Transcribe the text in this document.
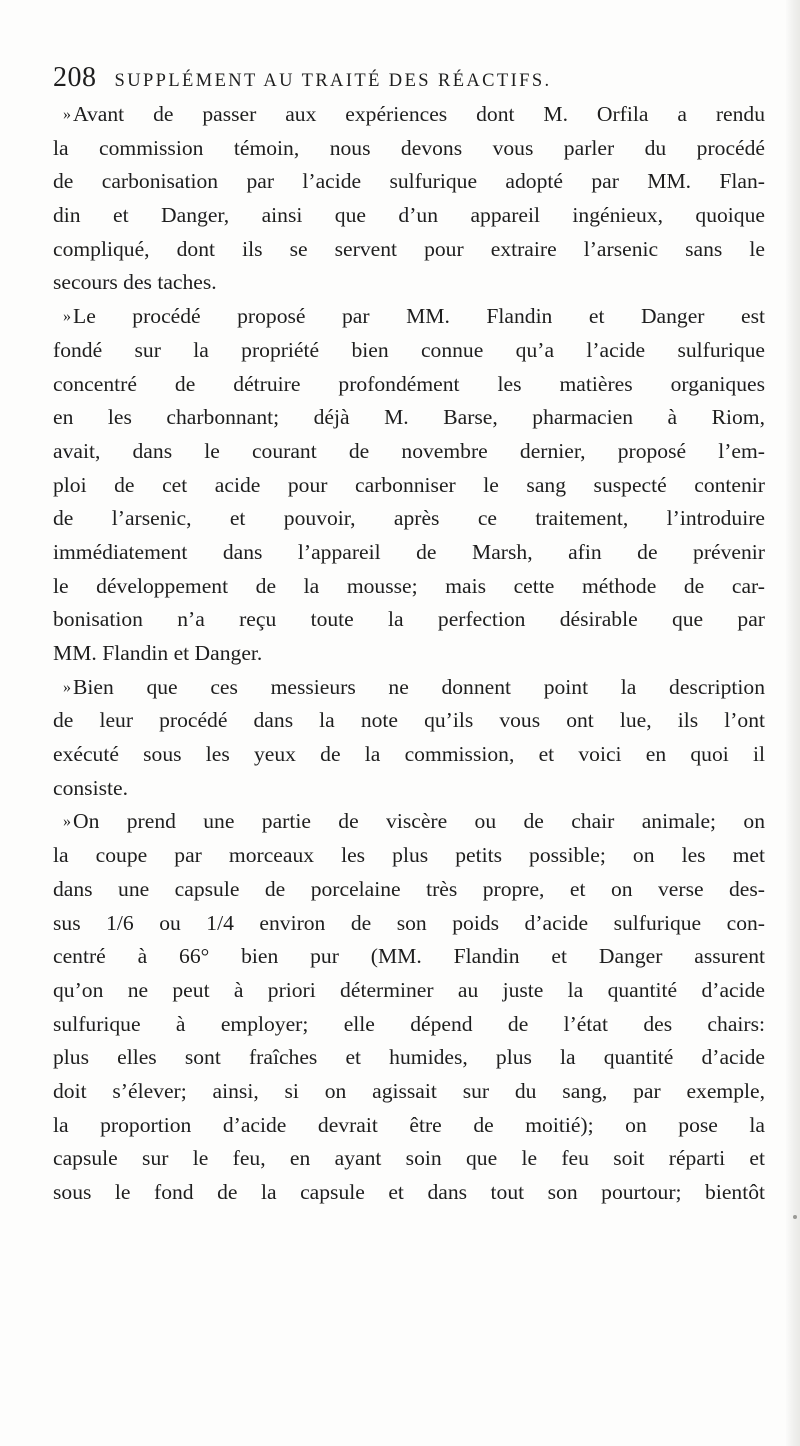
208 SUPPLÉMENT AU TRAITÉ DES RÉACTIFS.
»Avant de passer aux expériences dont M. Orfila a rendu
la commission témoin, nous devons vous parler du procédé
de carbonisation par l’acide sulfurique adopté par MM. Flan-
din et Danger, ainsi que d’un appareil ingénieux, quoique
compliqué, dont ils se servent pour extraire l’arsenic sans le
secours des taches.
»Le procédé proposé par MM. Flandin et Danger est
fondé sur la propriété bien connue qu’a l’acide sulfurique
concentré de détruire profondément les matières organiques
en les charbonnant; déjà M. Barse, pharmacien à Riom,
avait, dans le courant de novembre dernier, proposé l’em-
ploi de cet acide pour carbonniser le sang suspecté contenir
de l’arsenic, et pouvoir, après ce traitement, l’introduire
immédiatement dans l’appareil de Marsh, afin de prévenir
le développement de la mousse; mais cette méthode de car-
bonisation n’a reçu toute la perfection désirable que par
MM. Flandin et Danger.
»Bien que ces messieurs ne donnent point la description
de leur procédé dans la note qu’ils vous ont lue, ils l’ont
exécuté sous les yeux de la commission, et voici en quoi il
consiste.
»On prend une partie de viscère ou de chair animale; on
la coupe par morceaux les plus petits possible; on les met
dans une capsule de porcelaine très propre, et on verse des-
sus 1/6 ou 1/4 environ de son poids d’acide sulfurique con-
centré à 66° bien pur (MM. Flandin et Danger assurent
qu’on ne peut à priori déterminer au juste la quantité d’acide
sulfurique à employer; elle dépend de l’état des chairs:
plus elles sont fraîches et humides, plus la quantité d’acide
doit s’élever; ainsi, si on agissait sur du sang, par exemple,
la proportion d’acide devrait être de moitié); on pose la
capsule sur le feu, en ayant soin que le feu soit réparti et
sous le fond de la capsule et dans tout son pourtour; bientôt
